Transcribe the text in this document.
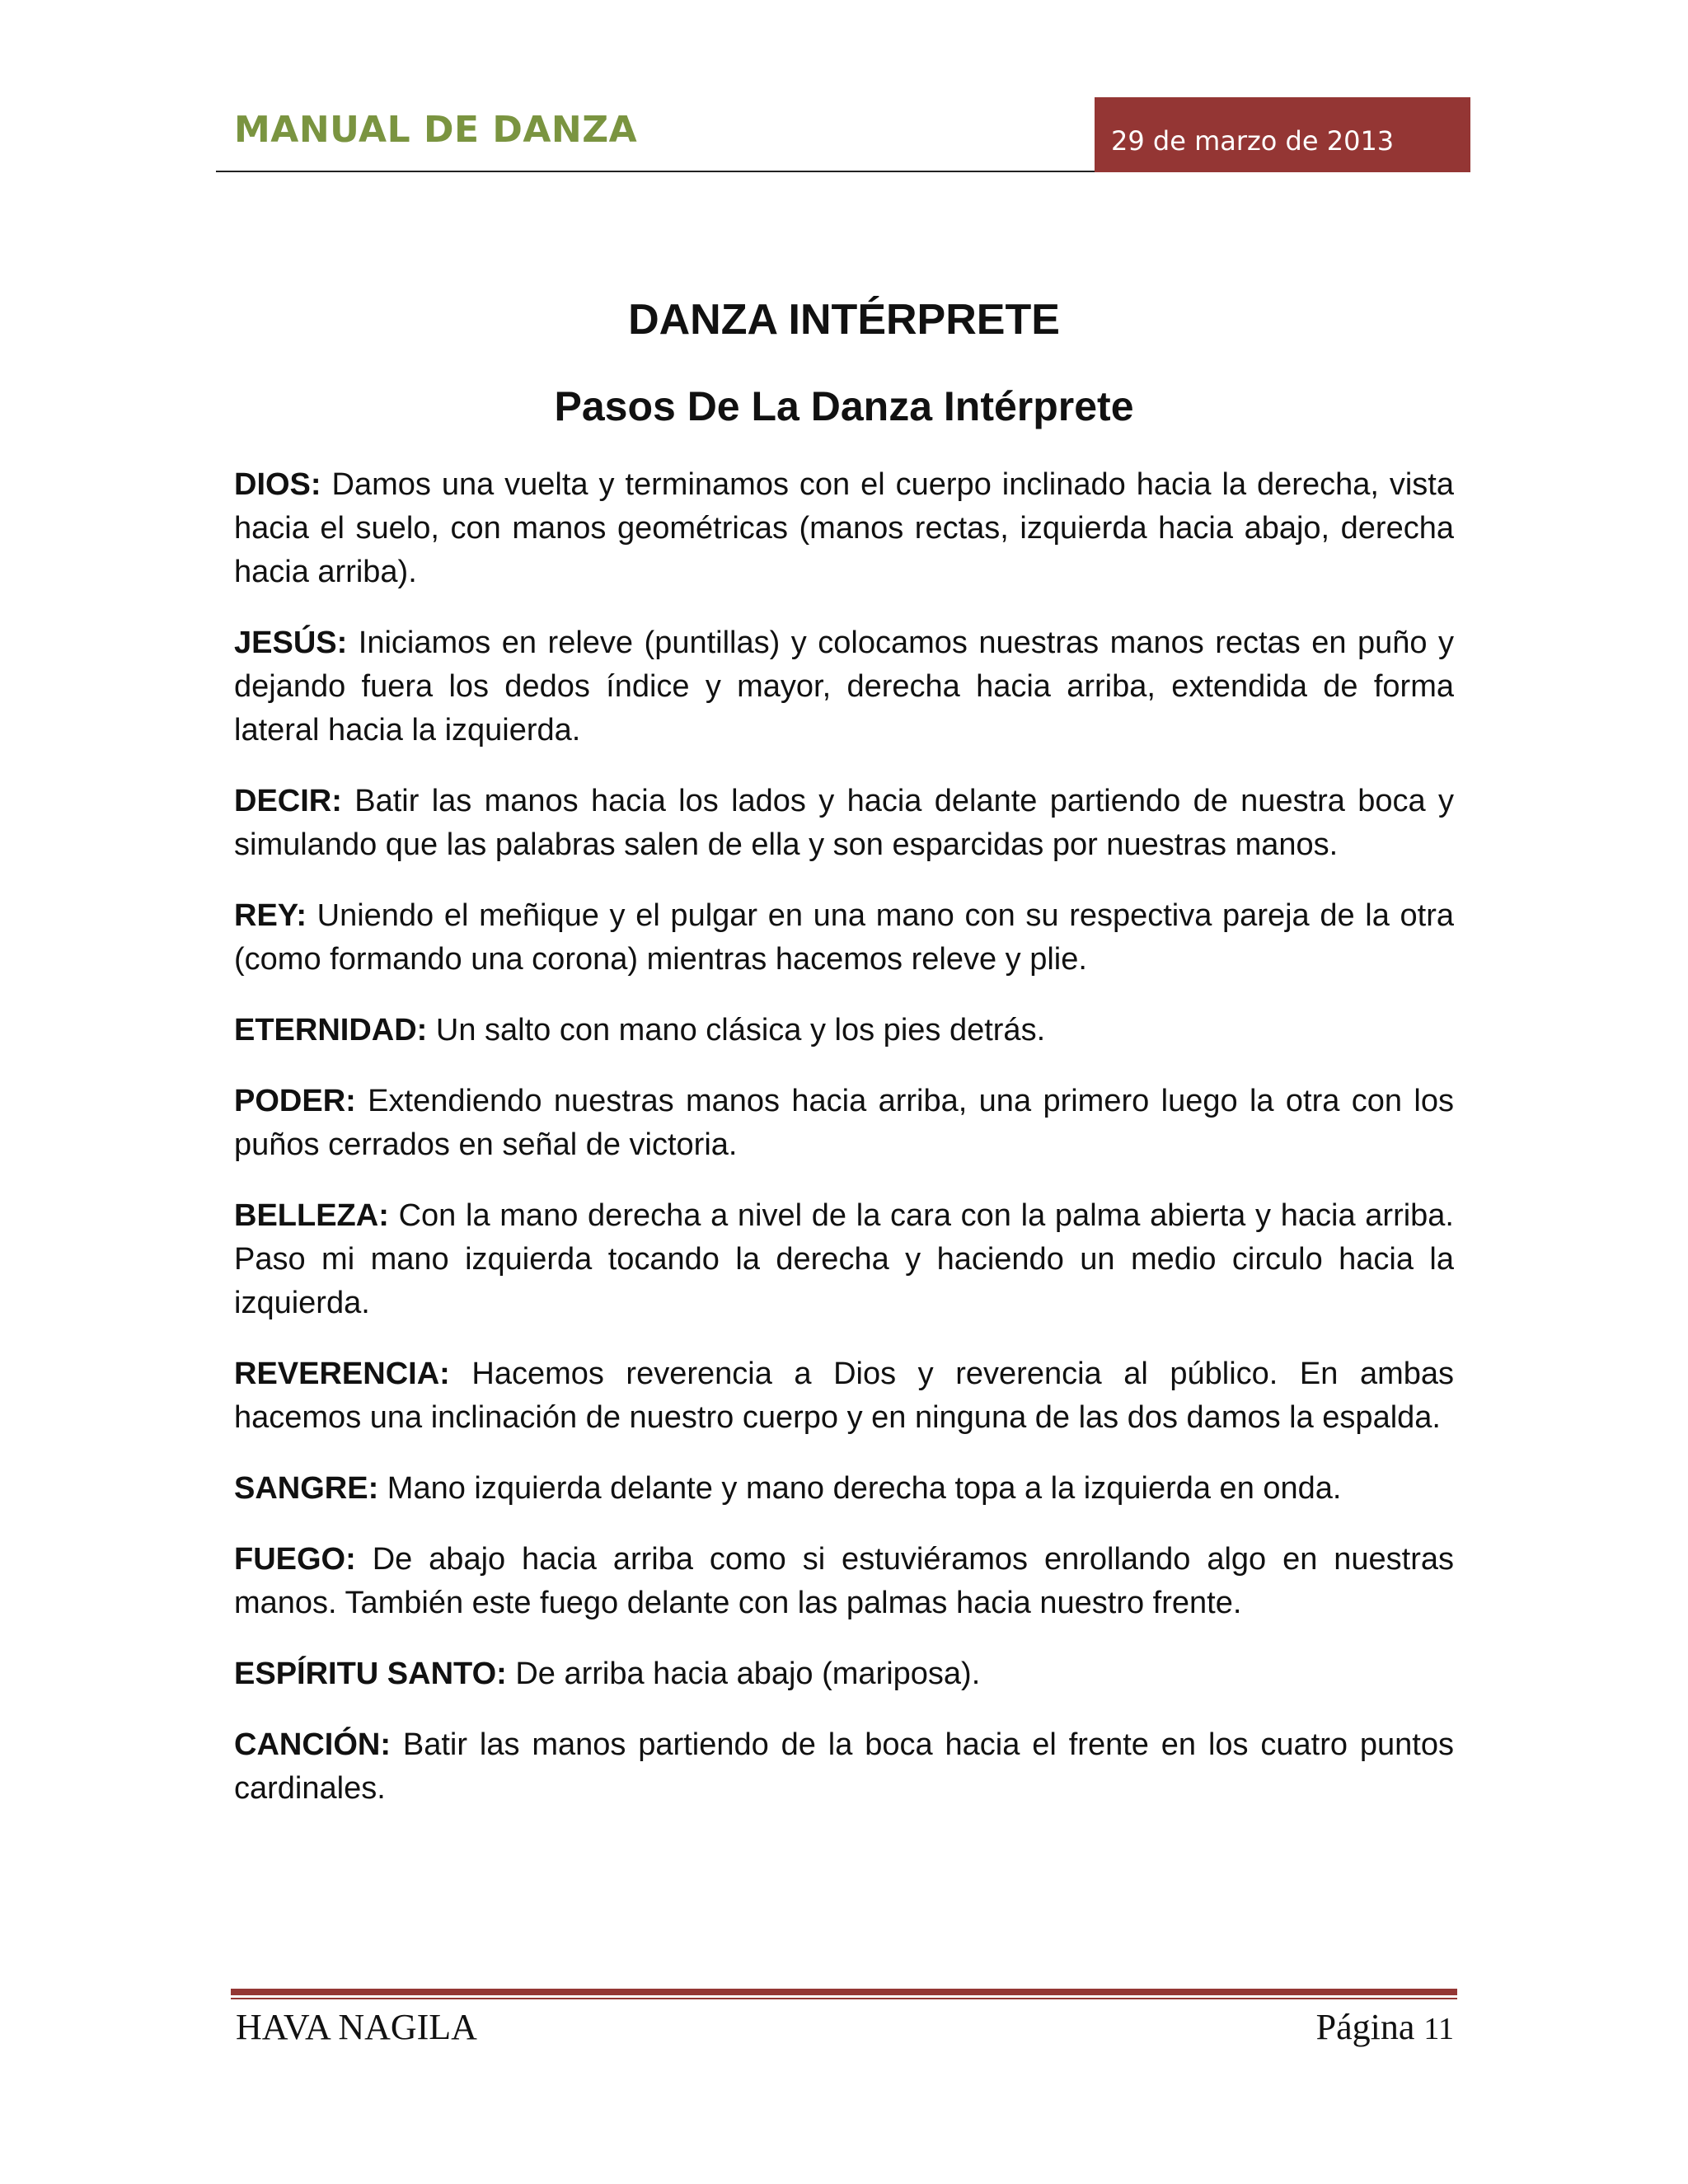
MANUAL DE DANZA	29 de marzo de 2013
DANZA INTÉRPRETE
Pasos De La Danza Intérprete

DIOS: Damos una vuelta y terminamos con el cuerpo inclinado hacia la derecha, vista hacia el suelo, con manos geométricas (manos rectas, izquierda hacia abajo, derecha hacia arriba).

JESÚS: Iniciamos en releve (puntillas) y colocamos nuestras manos rectas en puño y dejando fuera los dedos índice y mayor, derecha hacia arriba, extendida de forma lateral hacia la izquierda.

DECIR: Batir las manos hacia los lados y hacia delante partiendo de nuestra boca y simulando que las palabras salen de ella y son esparcidas por nuestras manos.

REY: Uniendo el meñique y el pulgar en una mano con su respectiva pareja de la otra (como formando una corona) mientras hacemos releve y plie.

ETERNIDAD: Un salto con mano clásica y los pies detrás.

PODER: Extendiendo nuestras manos hacia arriba, una primero luego la otra con los puños cerrados en señal de victoria.

BELLEZA: Con la mano derecha a nivel de la cara con la palma abierta y hacia arriba. Paso mi mano izquierda tocando la derecha y haciendo un medio circulo hacia la izquierda.

REVERENCIA: Hacemos reverencia a Dios y reverencia al público. En ambas hacemos una inclinación de nuestro cuerpo y en ninguna de las dos damos la espalda.

SANGRE: Mano izquierda delante y mano derecha topa a la izquierda en onda.

FUEGO: De abajo hacia arriba como si estuviéramos enrollando algo en nuestras manos. También este fuego delante con las palmas hacia nuestro frente.

ESPÍRITU SANTO: De arriba hacia abajo (mariposa).

CANCIÓN: Batir las manos partiendo de la boca hacia el frente en los cuatro puntos cardinales.

HAVA NAGILA	Página 11
